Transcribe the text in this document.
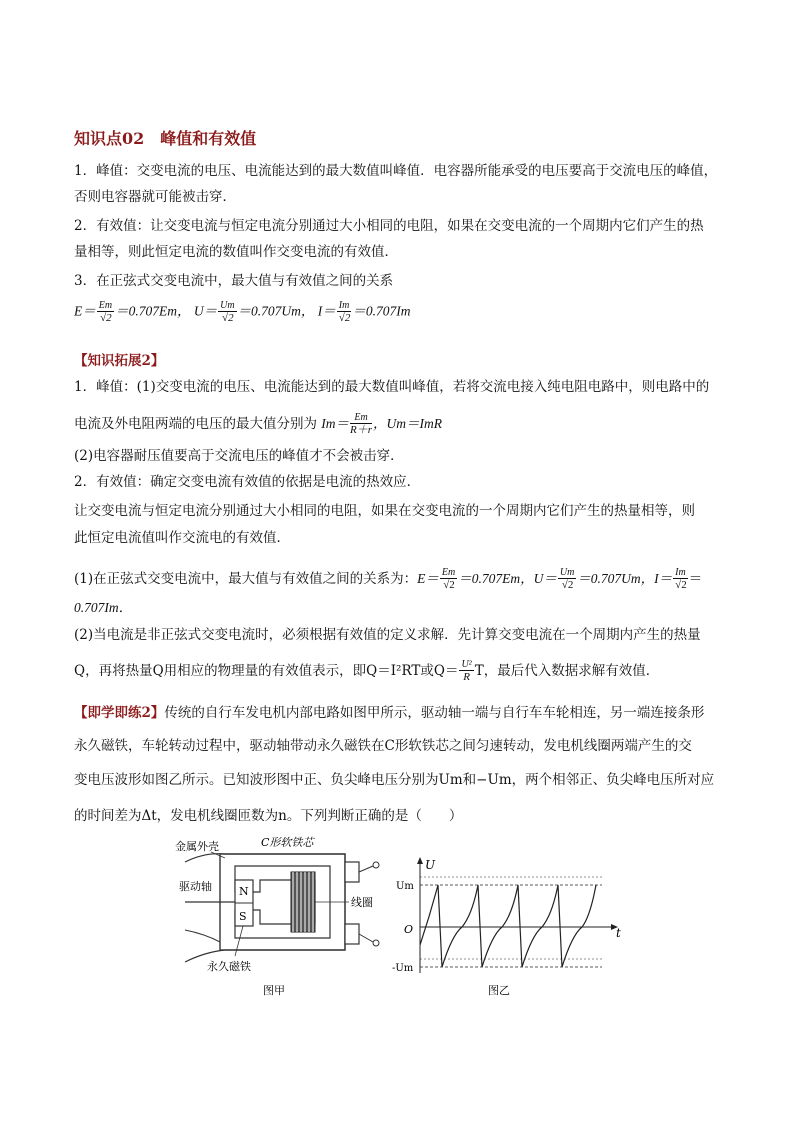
知识点02　峰值和有效值
1．峰值：交变电流的电压、电流能达到的最大数值叫峰值．电容器所能承受的电压要高于交流电压的峰值，
否则电容器就可能被击穿．
2．有效值：让交变电流与恒定电流分别通过大小相同的电阻，如果在交变电流的一个周期内它们产生的热
量相等，则此恒定电流的数值叫作交变电流的有效值．
3．在正弦式交变电流中，最大值与有效值之间的关系
$E= \frac{Em}{√2} =0.707Em$， $U= \frac{Um}{√2} =0.707Um$， $I= \frac{Im}{√2} =0.707Im$
【知识拓展2】
1．峰值：(1)交变电流的电压、电流能达到的最大数值叫峰值，若将交流电接入纯电阻电路中，则电路中的
电流及外电阻两端的电压的最大值分别为 $Im= \frac{Em}{R+r}$ ，Um＝ImR
(2)电容器耐压值要高于交流电压的峰值才不会被击穿．
2．有效值：确定交变电流有效值的依据是电流的热效应．
让交变电流与恒定电流分别通过大小相同的电阻，如果在交变电流的一个周期内它们产生的热量相等，则
此恒定电流值叫作交流电的有效值．
(1)在正弦式交变电流中，最大值与有效值之间的关系为：$E= \frac{Em}{√2} =0.707Em$，$U= \frac{Um}{√2} =0.707Um$，$I= \frac{Im}{√2}$ ＝
0.707Im．
(2)当电流是非正弦式交变电流时，必须根据有效值的定义求解．先计算交变电流在一个周期内产生的热量
Q，再将热量Q用相应的物理量的有效值表示，即Q＝I²RT或$Q= \frac{\text{U²}}{R}$ T，最后代入数据求解有效值．
【即学即练2】传统的自行车发电机内部电路如图甲所示，驱动轴一端与自行车车轮相连，另一端连接条形
永久磁铁，车轮转动过程中，驱动轴带动永久磁铁在C形软铁芯之间匀速转动，发电机线圈两端产生的交
变电压波形如图乙所示。已知波形图中正、负尖峰电压分别为Um和−Um，两个相邻正、负尖峰电压所对应
的时间差为Δt，发电机线圈匝数为n。下列判断正确的是（　　）
N
S
金属外壳	C形软铁芯
驱动轴
线圈
永久磁铁
图甲
U
t
O
Um
-Um
图乙
